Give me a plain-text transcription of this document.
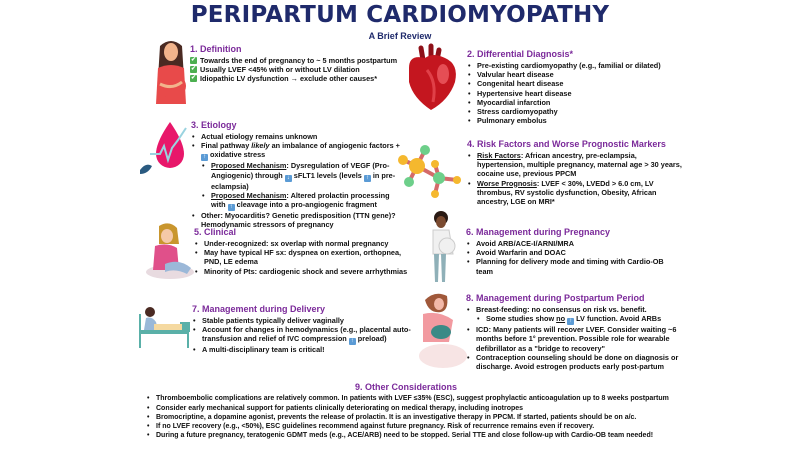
PERIPARTUM CARDIOMYOPATHY
A Brief Review
1. Definition
✔ Towards the end of pregnancy to ~ 5 months postpartum
✔ Usually LVEF <45% with or without LV dilation
✔ Idiopathic LV dysfunction → exclude other causes*
2. Differential Diagnosis*
• Pre-existing cardiomyopathy (e.g., familial or dilated)
• Valvular heart disease
• Congenital heart disease
• Hypertensive heart disease
• Myocardial infarction
• Stress cardiomyopathy
• Pulmonary embolus
3. Etiology
• Actual etiology remains unknown
• Final pathway likely an imbalance of angiogenic factors +
↑ oxidative stress
• Proposed Mechanism: Dysregulation of VEGF (Pro-Angiogenic) through ↓ sFLT1 levels (levels ↑ in pre-eclampsia)
• Proposed Mechanism: Altered prolactin processing with ↑ cleavage into a pro-angiogenic fragment
• Other: Myocarditis? Genetic predisposition (TTN gene)? Hemodynamic stressors of pregnancy
4. Risk Factors and Worse Prognostic Markers
• Risk Factors: African ancestry, pre-eclampsia, hypertension, multiple pregnancy, maternal age > 30 years, cocaine use, previous PPCM
• Worse Prognosis: LVEF < 30%, LVEDd > 6.0 cm, LV thrombus, RV systolic dysfunction, Obesity, African ancestry, LGE on MRI*
5. Clinical
• Under-recognized: sx overlap with normal pregnancy
• May have typical HF sx: dyspnea on exertion, orthopnea, PND, LE edema
• Minority of Pts: cardiogenic shock and severe arrhythmias
6. Management during Pregnancy
• Avoid ARB/ACE-I/ARNI/MRA
• Avoid Warfarin and DOAC
• Planning for delivery mode and timing with Cardio-OB team
7. Management during Delivery
• Stable patients typically deliver vaginally
• Account for changes in hemodynamics (e.g., placental auto-transfusion and relief of IVC compression ↑ preload)
• A multi-disciplinary team is critical!
8. Management during Postpartum Period
• Breast-feeding: no consensus on risk vs. benefit.
• Some studies show no ↑ LV function. Avoid ARBs
• ICD: Many patients will recover LVEF. Consider waiting ~6 months before 1° prevention. Possible role for wearable defibrillator as a "bridge to recovery"
• Contraception counseling should be done on diagnosis or discharge. Avoid estrogen products early post-partum
9. Other Considerations
• Thromboembolic complications are relatively common. In patients with LVEF ≤35% (ESC), suggest prophylactic anticoagulation up to 8 weeks postpartum
• Consider early mechanical support for patients clinically deteriorating on medical therapy, including inotropes
• Bromocriptine, a dopamine agonist, prevents the release of prolactin. It is an investigative therapy in PPCM. If started, patients should be on a/c.
• If no LVEF recovery (e.g., <50%), ESC guidelines recommend against future pregnancy. Risk of recurrence remains even if recovery.
• During a future pregnancy, teratogenic GDMT meds (e.g., ACE/ARB) need to be stopped. Serial TTE and close follow-up with Cardio-OB team needed!
